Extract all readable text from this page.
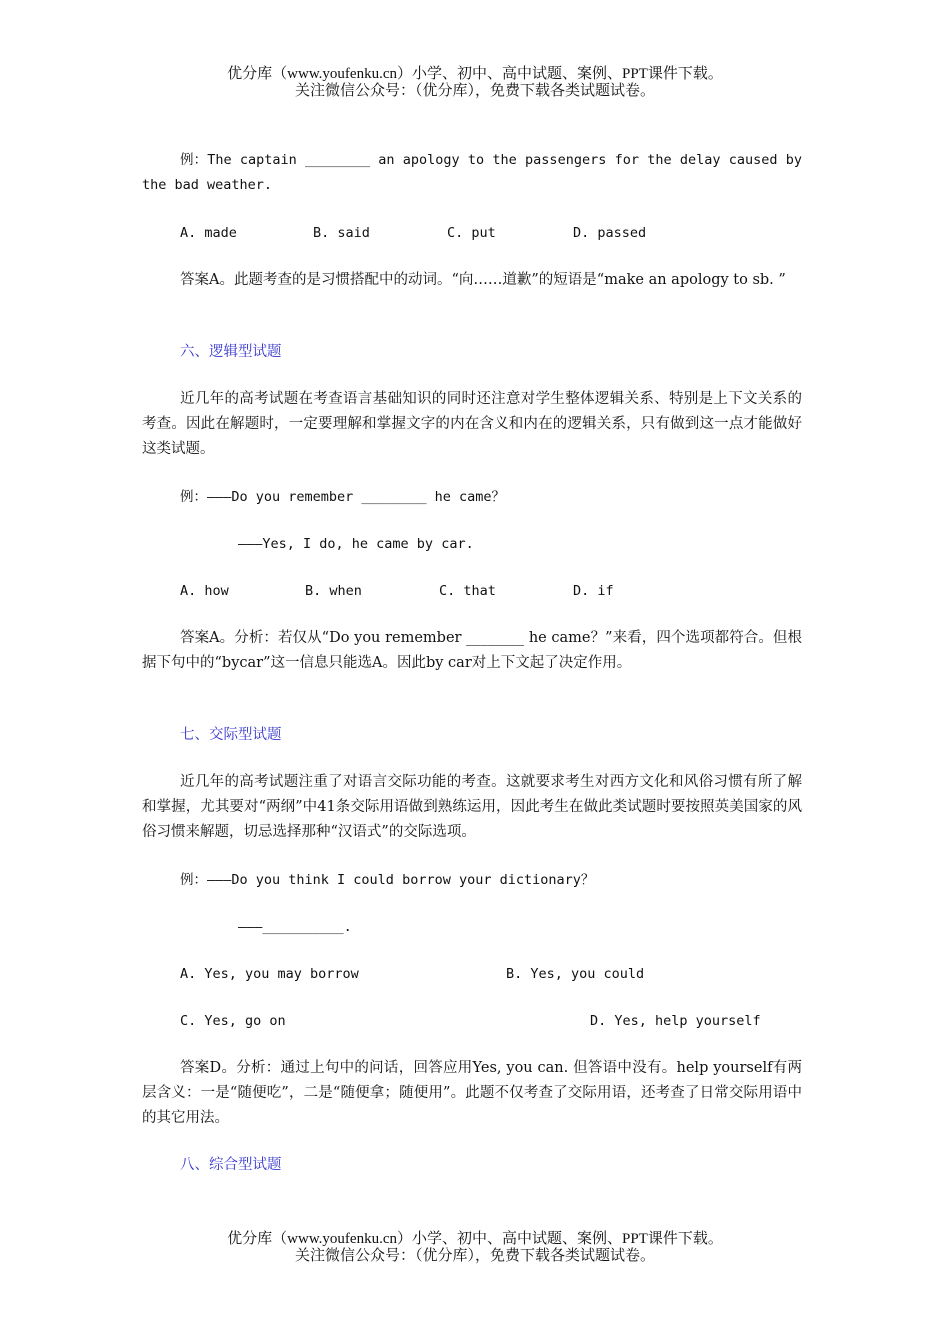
优分库（www.youfenku.cn）小学、初中、高中试题、案例、PPT课件下载。
关注微信公众号：（优分库），免费下载各类试题试卷。
例：The captain ________ an apology to the passengers for the delay caused by the bad weather.
A. made	B. said	C. put	D. passed
答案A。此题考查的是习惯搭配中的动词。“向……道歉”的短语是“make an apology to sb. ”
六、逻辑型试题
近几年的高考试题在考查语言基础知识的同时还注意对学生整体逻辑关系、特别是上下文关系的考查。因此在解题时，一定要理解和掌握文字的内在含义和内在的逻辑关系，只有做到这一点才能做好这类试题。
例：———Do you remember ________ he came？
———Yes, I do, he came by car.
A. how	B. when	C. that	D. if
答案A。分析：若仅从“Do you remember ________ he came？”来看，四个选项都符合。但根据下句中的“bycar”这一信息只能选A。因此by car对上下文起了决定作用。
七、交际型试题
近几年的高考试题注重了对语言交际功能的考查。这就要求考生对西方文化和风俗习惯有所了解和掌握，尤其要对“两纲”中41条交际用语做到熟练运用，因此考生在做此类试题时要按照英美国家的风俗习惯来解题，切忌选择那种“汉语式”的交际选项。
例：———Do you think I could borrow your dictionary？
———__________.
A. Yes, you may borrow	B. Yes, you could
C. Yes, go on	D. Yes, help yourself
答案D。分析：通过上句中的问话，回答应用Yes, you can. 但答语中没有。help yourself有两层含义：一是“随便吃”，二是“随便拿；随便用”。此题不仅考查了交际用语，还考查了日常交际用语中的其它用法。
八、综合型试题
优分库（www.youfenku.cn）小学、初中、高中试题、案例、PPT课件下载。
关注微信公众号：（优分库），免费下载各类试题试卷。
